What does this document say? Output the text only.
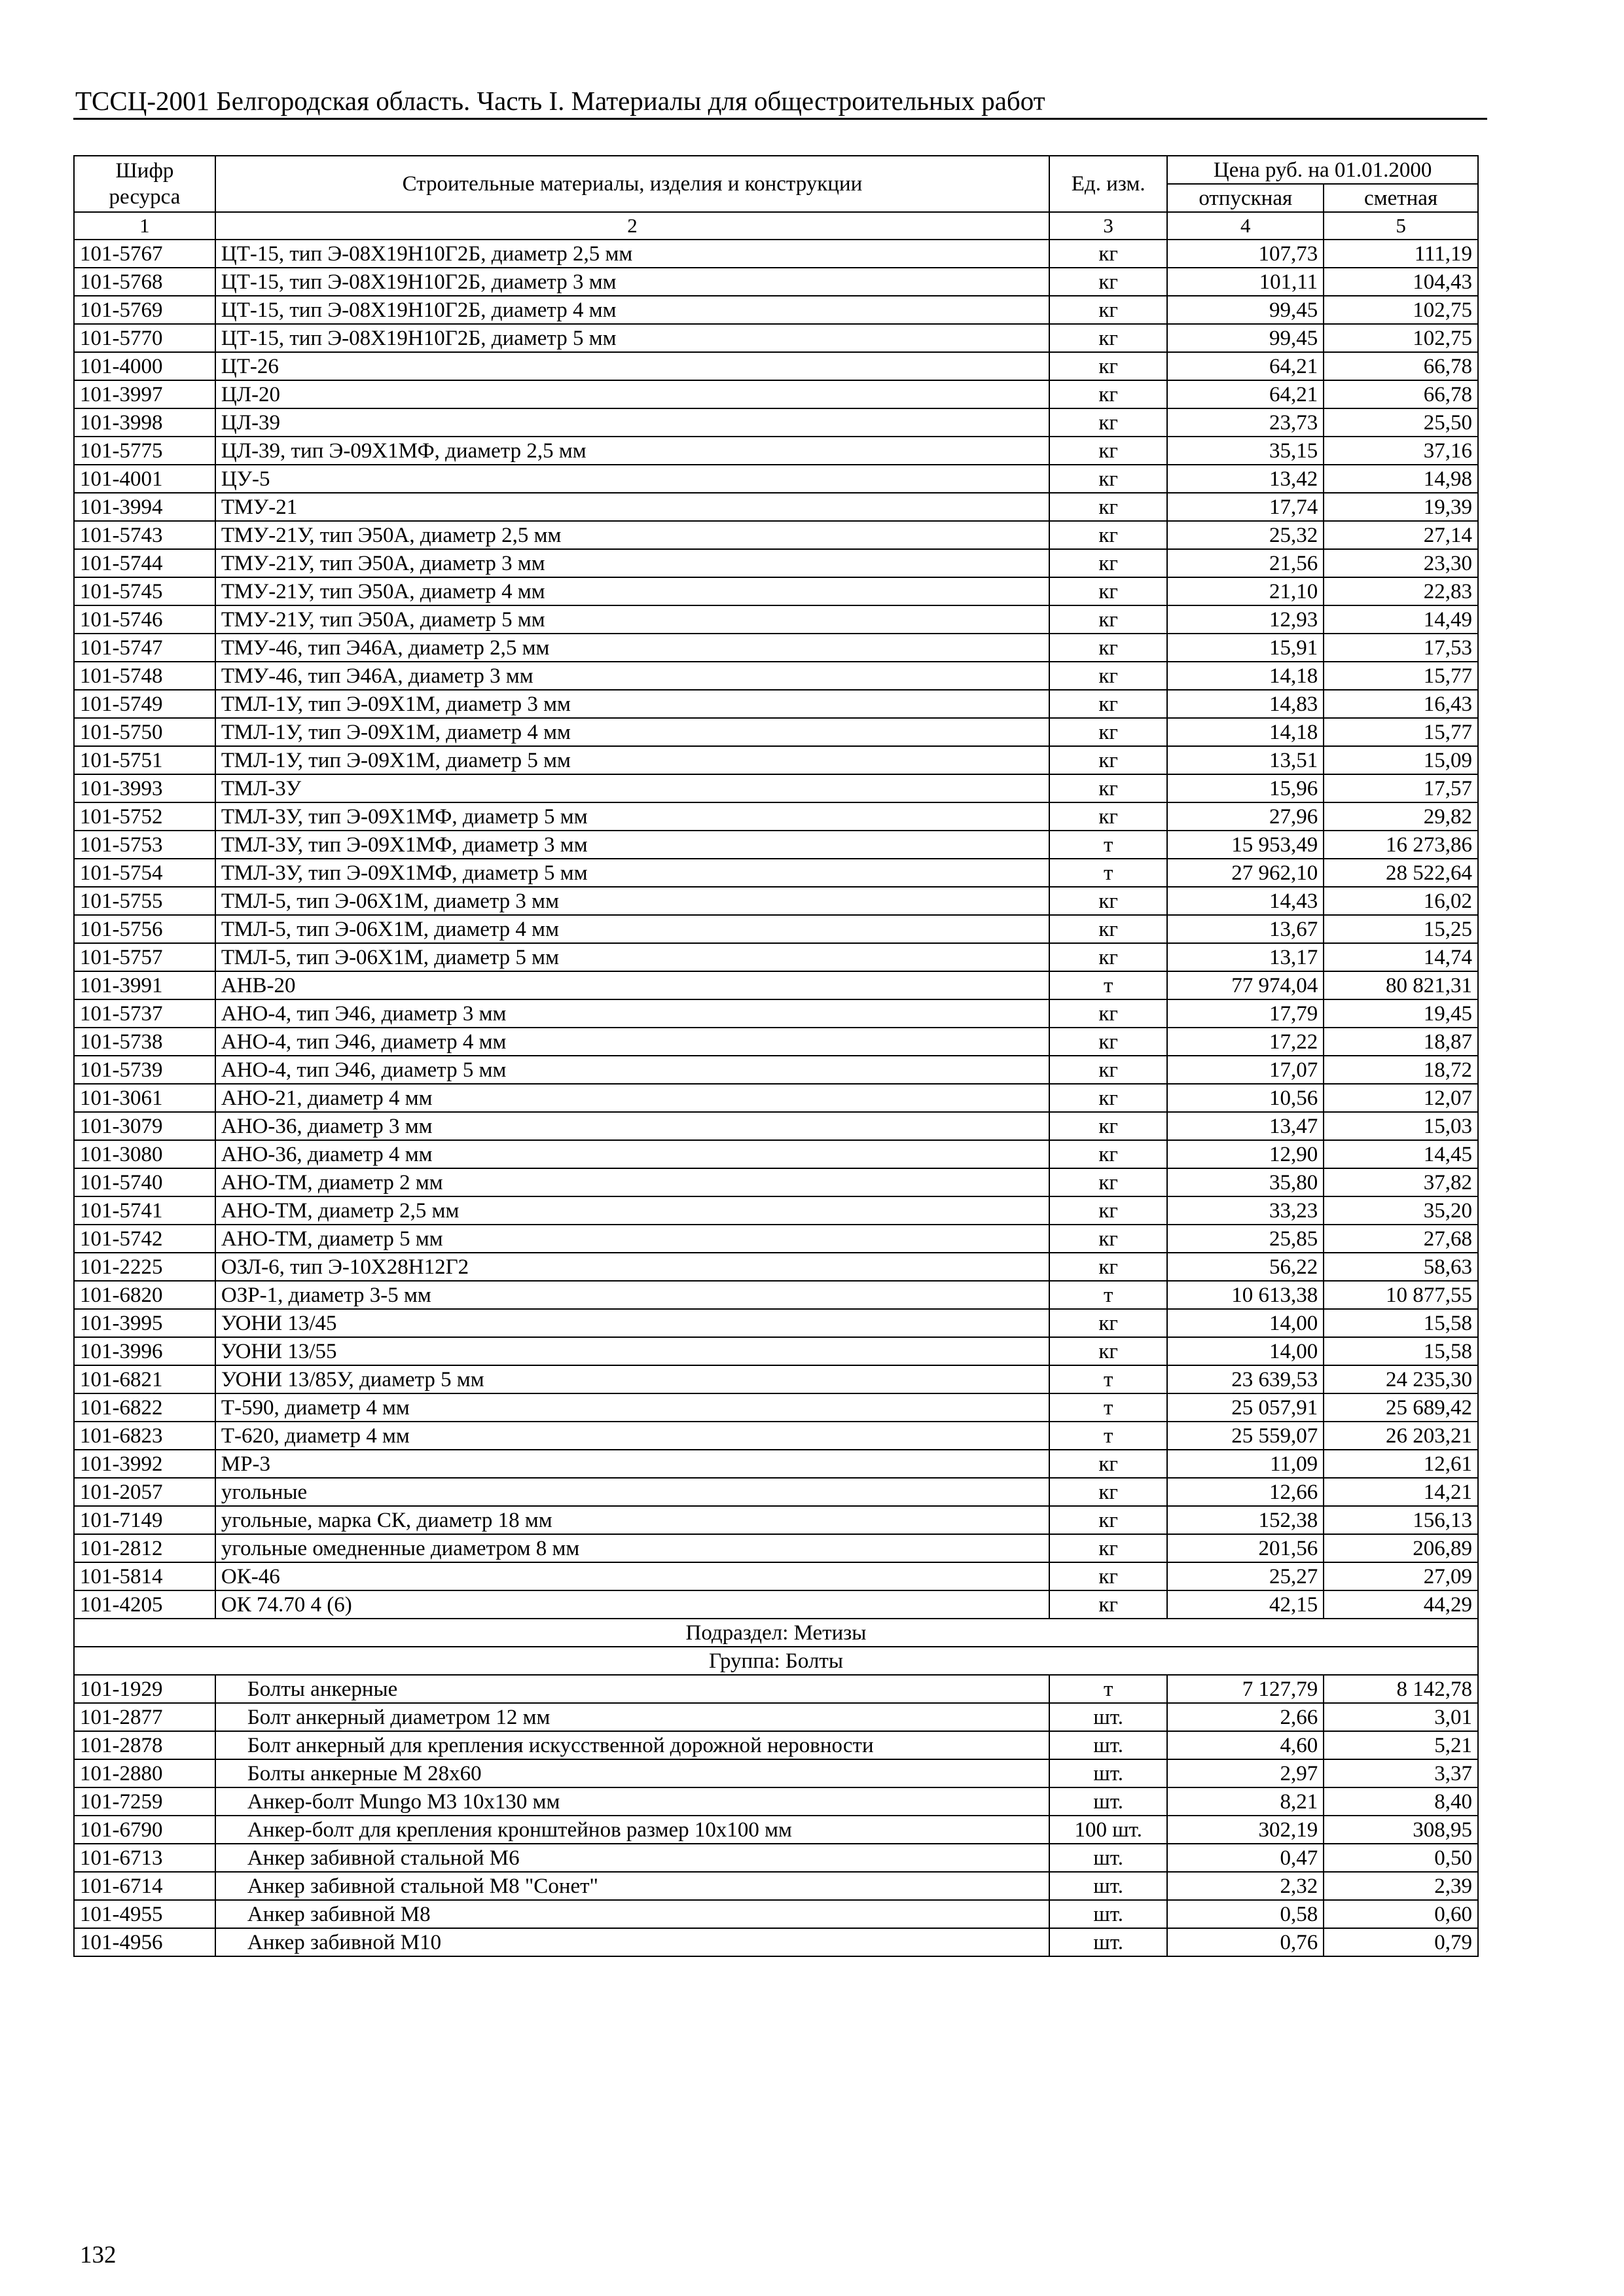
ТССЦ-2001 Белгородская область. Часть I. Материалы для общестроительных работ
Шифр ресурса	Строительные материалы, изделия и конструкции	Ед. изм.	Цена руб. на 01.01.2000	
			отпускная	сметная
1	2	3	4	5
101-5767	ЦТ-15, тип Э-08Х19Н10Г2Б, диаметр 2,5 мм	кг	107,73	111,19
101-5768	ЦТ-15, тип Э-08Х19Н10Г2Б, диаметр 3 мм	кг	101,11	104,43
101-5769	ЦТ-15, тип Э-08Х19Н10Г2Б, диаметр 4 мм	кг	99,45	102,75
101-5770	ЦТ-15, тип Э-08Х19Н10Г2Б, диаметр 5 мм	кг	99,45	102,75
101-4000	ЦТ-26	кг	64,21	66,78
101-3997	ЦЛ-20	кг	64,21	66,78
101-3998	ЦЛ-39	кг	23,73	25,50
101-5775	ЦЛ-39, тип Э-09Х1МФ, диаметр 2,5 мм	кг	35,15	37,16
101-4001	ЦУ-5	кг	13,42	14,98
101-3994	ТМУ-21	кг	17,74	19,39
101-5743	ТМУ-21У, тип Э50А, диаметр 2,5 мм	кг	25,32	27,14
101-5744	ТМУ-21У, тип Э50А, диаметр 3 мм	кг	21,56	23,30
101-5745	ТМУ-21У, тип Э50А, диаметр 4 мм	кг	21,10	22,83
101-5746	ТМУ-21У, тип Э50А, диаметр 5 мм	кг	12,93	14,49
101-5747	ТМУ-46, тип Э46А, диаметр 2,5 мм	кг	15,91	17,53
101-5748	ТМУ-46, тип Э46А, диаметр 3 мм	кг	14,18	15,77
101-5749	ТМЛ-1У, тип Э-09Х1М, диаметр 3 мм	кг	14,83	16,43
101-5750	ТМЛ-1У, тип Э-09Х1М, диаметр 4 мм	кг	14,18	15,77
101-5751	ТМЛ-1У, тип Э-09Х1М, диаметр 5 мм	кг	13,51	15,09
101-3993	ТМЛ-3У	кг	15,96	17,57
101-5752	ТМЛ-3У, тип Э-09Х1МФ, диаметр 5 мм	кг	27,96	29,82
101-5753	ТМЛ-3У, тип Э-09Х1МФ, диаметр 3 мм	т	15 953,49	16 273,86
101-5754	ТМЛ-3У, тип Э-09Х1МФ, диаметр 5 мм	т	27 962,10	28 522,64
101-5755	ТМЛ-5, тип Э-06Х1М, диаметр 3 мм	кг	14,43	16,02
101-5756	ТМЛ-5, тип Э-06Х1М, диаметр 4 мм	кг	13,67	15,25
101-5757	ТМЛ-5, тип Э-06Х1М, диаметр 5 мм	кг	13,17	14,74
101-3991	АНВ-20	т	77 974,04	80 821,31
101-5737	АНО-4, тип Э46, диаметр 3 мм	кг	17,79	19,45
101-5738	АНО-4, тип Э46, диаметр 4 мм	кг	17,22	18,87
101-5739	АНО-4, тип Э46, диаметр 5 мм	кг	17,07	18,72
101-3061	АНО-21, диаметр 4 мм	кг	10,56	12,07
101-3079	АНО-36, диаметр 3 мм	кг	13,47	15,03
101-3080	АНО-36, диаметр 4 мм	кг	12,90	14,45
101-5740	АНО-ТМ, диаметр 2 мм	кг	35,80	37,82
101-5741	АНО-ТМ, диаметр 2,5 мм	кг	33,23	35,20
101-5742	АНО-ТМ, диаметр 5 мм	кг	25,85	27,68
101-2225	ОЗЛ-6, тип Э-10Х28Н12Г2	кг	56,22	58,63
101-6820	ОЗР-1, диаметр 3-5 мм	т	10 613,38	10 877,55
101-3995	УОНИ 13/45	кг	14,00	15,58
101-3996	УОНИ 13/55	кг	14,00	15,58
101-6821	УОНИ 13/85У, диаметр 5 мм	т	23 639,53	24 235,30
101-6822	Т-590, диаметр 4 мм	т	25 057,91	25 689,42
101-6823	Т-620, диаметр 4 мм	т	25 559,07	26 203,21
101-3992	МР-3	кг	11,09	12,61
101-2057	угольные	кг	12,66	14,21
101-7149	угольные, марка СК, диаметр 18 мм	кг	152,38	156,13
101-2812	угольные омедненные диаметром 8 мм	кг	201,56	206,89
101-5814	ОК-46	кг	25,27	27,09
101-4205	ОК 74.70 4 (6)	кг	42,15	44,29
Подраздел: Метизы				
Группа: Болты				
101-1929	Болты анкерные	т	7 127,79	8 142,78
101-2877	Болт анкерный диаметром 12 мм	шт.	2,66	3,01
101-2878	Болт анкерный для крепления искусственной дорожной неровности	шт.	4,60	5,21
101-2880	Болты анкерные М 28х60	шт.	2,97	3,37
101-7259	Анкер-болт Mungo M3 10x130 мм	шт.	8,21	8,40
101-6790	Анкер-болт для крепления кронштейнов размер 10х100 мм	100 шт.	302,19	308,95
101-6713	Анкер забивной стальной М6	шт.	0,47	0,50
101-6714	Анкер забивной стальной М8 "Сонет"	шт.	2,32	2,39
101-4955	Анкер забивной М8	шт.	0,58	0,60
101-4956	Анкер забивной М10	шт.	0,76	0,79
132
